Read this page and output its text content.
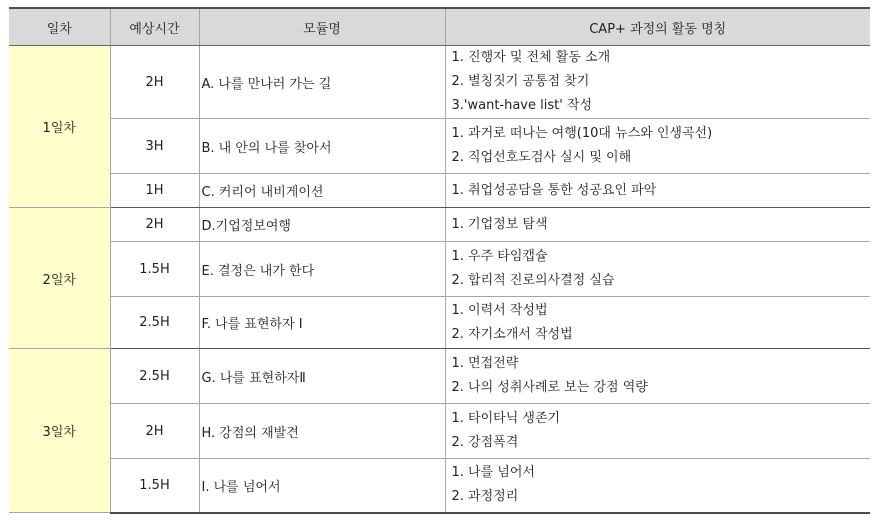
일차	예상시간	모듈명	CAP+ 과정의 활동 명칭
1일차	2H	A. 나를 만나러 가는 길	1. 진행자 및 전체 활동 소개
2. 별칭짓기 공통점 찾기
3.'want-have list' 작성

	3H	B. 내 안의 나를 찾아서	1. 과거로 떠나는 여행(10대 뉴스와 인생곡선)
2. 직업선호도검사 실시 및 이해

	1H	C. 커리어 내비게이션	1. 취업성공담을 통한 성공요인 파악

2일차	2H	D.기업정보여행	1. 기업정보 탐색

	1.5H	E. 결정은 내가 한다	1. 우주 타임캡슐
2. 합리적 진로의사결정 실습

	2.5H	F. 나를 표현하자 Ⅰ	1. 이력서 작성법
2. 자기소개서 작성법

3일차	2.5H	G. 나를 표현하자Ⅱ	1. 면접전략
2. 나의 성취사례로 보는 강점 역량

	2H	H. 강점의 재발견	1. 타이타닉 생존기
2. 강점폭격

	1.5H	I. 나를 넘어서	1. 나를 넘어서
2. 과정정리
